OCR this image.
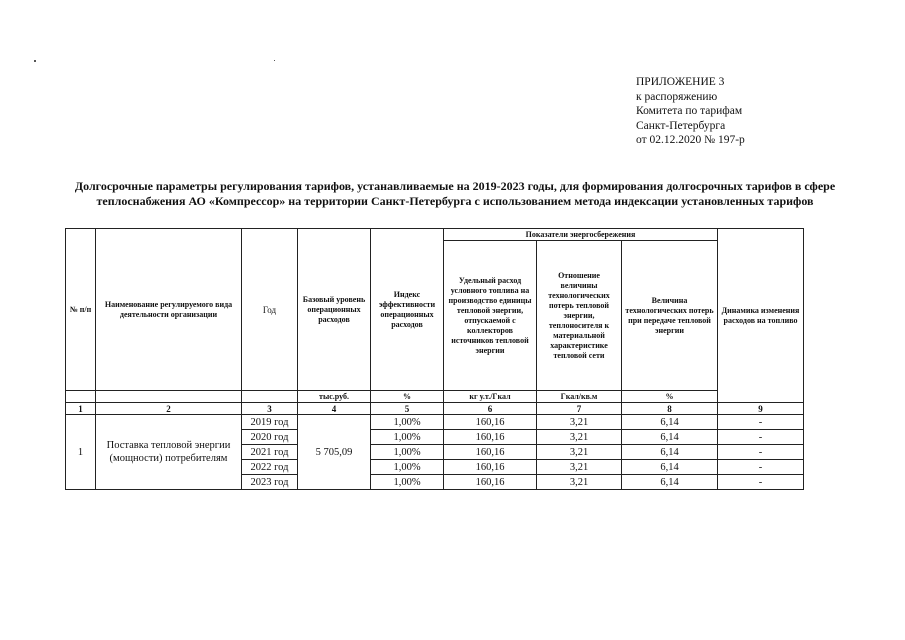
ПРИЛОЖЕНИЕ 3
к распоряжению
Комитета по тарифам
Санкт-Петербурга
от 02.12.2020 № 197-р
Долгосрочные параметры регулирования тарифов, устанавливаемые на 2019-2023 годы, для формирования долгосрочных тарифов в сфере теплоснабжения АО «Компрессор» на территории Санкт-Петербурга с использованием метода индексации установленных тарифов
№ п/п	Наименование регулируемого вида деятельности организации	Год	Базовый уровень операционных расходов	Индекс эффективности операционных расходов	Показатели энергосбережения			Динамика изменения расходов на топливо
					Удельный расход условного топлива на производство единицы тепловой энергии, отпускаемой с коллекторов источников тепловой энергии	Отношение величины технологических потерь тепловой энергии, теплоносителя к материальной характеристике тепловой сети	Величина технологических потерь при передаче тепловой энергии	
			тыс.руб.	%	кг у.т./Гкал	Гкал/кв.м	%	
1	2	3	4	5	6	7	8	9
1	Поставка тепловой энергии (мощности) потребителям	2019 год	5 705,09	1,00%	160,16	3,21	6,14	-
		2020 год		1,00%	160,16	3,21	6,14	-
		2021 год		1,00%	160,16	3,21	6,14	-
		2022 год		1,00%	160,16	3,21	6,14	-
		2023 год		1,00%	160,16	3,21	6,14	-
